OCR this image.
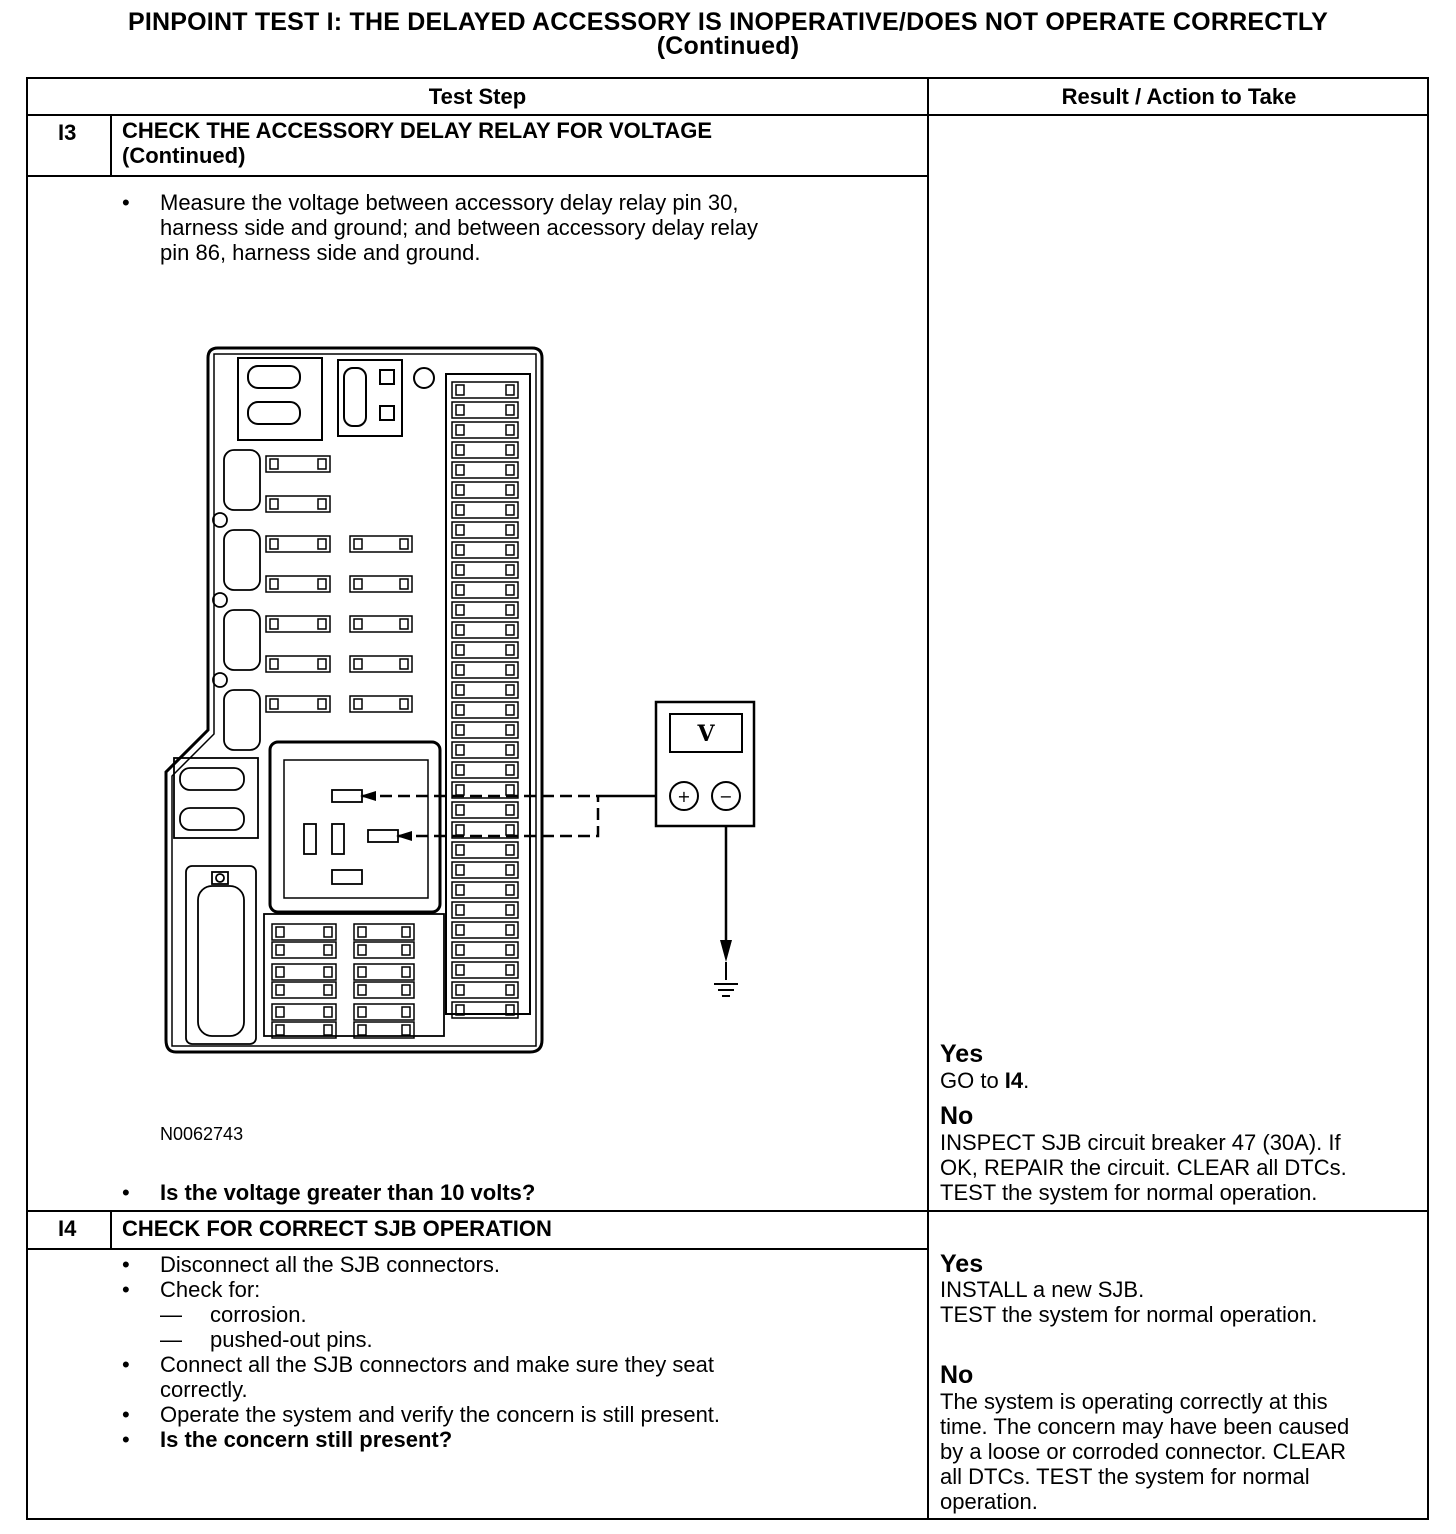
PINPOINT TEST I: THE DELAYED ACCESSORY IS INOPERATIVE/DOES NOT OPERATE CORRECTLY
(Continued)
Test Step	Result / Action to Take
I3 CHECK THE ACCESSORY DELAY RELAY FOR VOLTAGE
(Continued)
• Measure the voltage between accessory delay relay pin 30,
harness side and ground; and between accessory delay relay
pin 86, harness side and ground.
V
+ −
N0062743
• Is the voltage greater than 10 volts?
Yes
GO to I4.
No
INSPECT SJB circuit breaker 47 (30A). If
OK, REPAIR the circuit. CLEAR all DTCs.
TEST the system for normal operation.
I4 CHECK FOR CORRECT SJB OPERATION
• Disconnect all the SJB connectors.
• Check for:
— corrosion.
— pushed-out pins.
• Connect all the SJB connectors and make sure they seat
correctly.
• Operate the system and verify the concern is still present.
• Is the concern still present?
Yes
INSTALL a new SJB.
TEST the system for normal operation.
No
The system is operating correctly at this
time. The concern may have been caused
by a loose or corroded connector. CLEAR
all DTCs. TEST the system for normal
operation.
